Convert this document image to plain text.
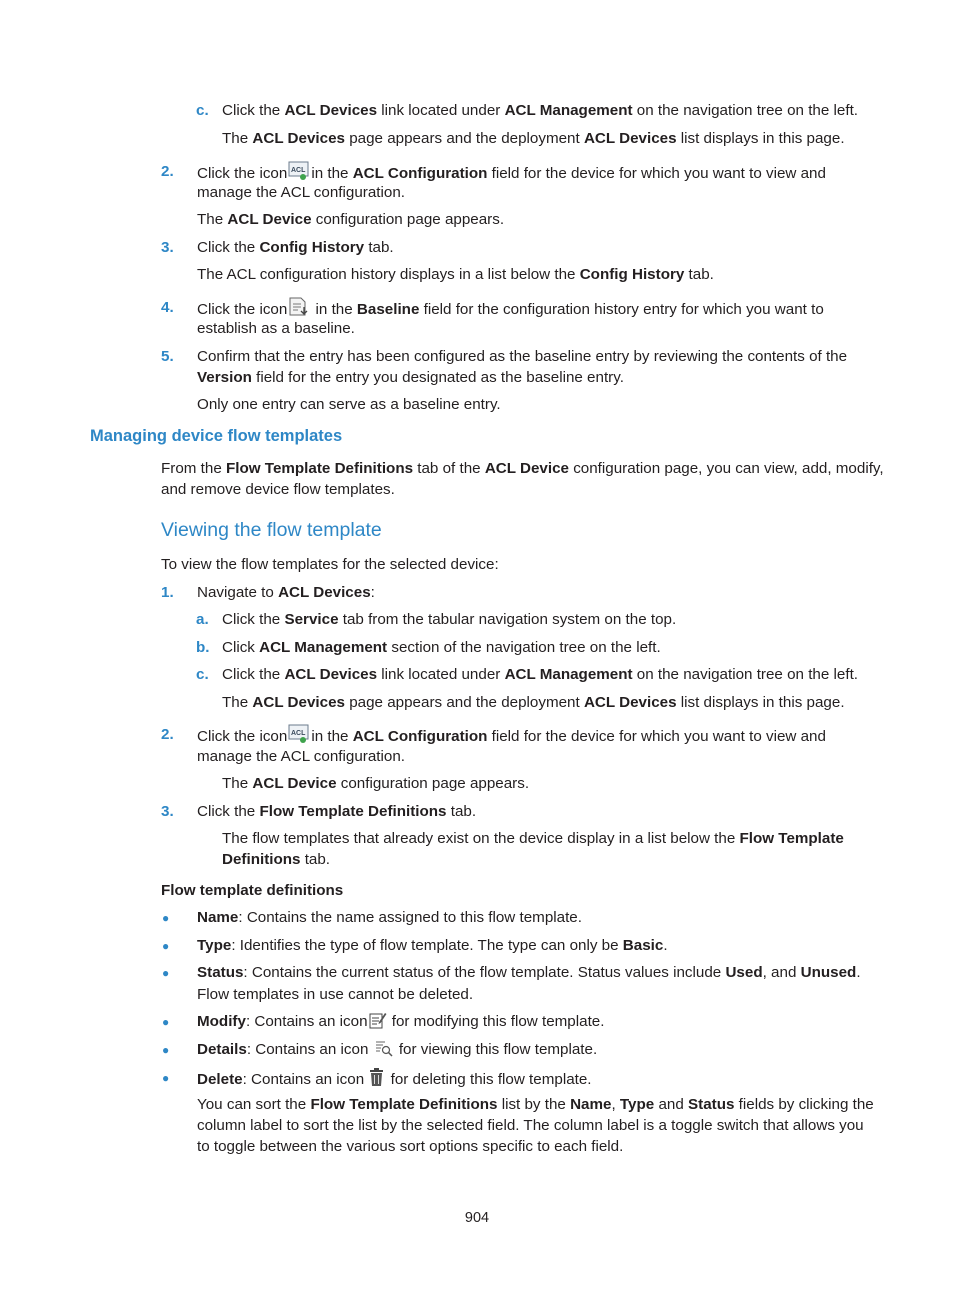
c. Click the ACL Devices link located under ACL Management on the navigation tree on the left.
The ACL Devices page appears and the deployment ACL Devices list displays in this page.
2. Click the icon ACL in the ACL Configuration field for the device for which you want to view and
manage the ACL configuration.
The ACL Device configuration page appears.
3. Click the Config History tab.
The ACL configuration history displays in a list below the Config History tab.
4. Click the icon in the Baseline field for the configuration history entry for which you want to
establish as a baseline.
5. Confirm that the entry has been configured as the baseline entry by reviewing the contents of the
Version field for the entry you designated as the baseline entry.
Only one entry can serve as a baseline entry.
Managing device flow templates
From the Flow Template Definitions tab of the ACL Device configuration page, you can view, add, modify,
and remove device flow templates.
Viewing the flow template
To view the flow templates for the selected device:
1. Navigate to ACL Devices:
a. Click the Service tab from the tabular navigation system on the top.
b. Click ACL Management section of the navigation tree on the left.
c. Click the ACL Devices link located under ACL Management on the navigation tree on the left.
The ACL Devices page appears and the deployment ACL Devices list displays in this page.
2. Click the icon ACL in the ACL Configuration field for the device for which you want to view and
manage the ACL configuration.
The ACL Device configuration page appears.
3. Click the Flow Template Definitions tab.
The flow templates that already exist on the device display in a list below the Flow Template
Definitions tab.
Flow template definitions
● Name: Contains the name assigned to this flow template.
● Type: Identifies the type of flow template. The type can only be Basic.
● Status: Contains the current status of the flow template. Status values include Used, and Unused.
Flow templates in use cannot be deleted.
● Modify: Contains an icon for modifying this flow template.
● Details: Contains an icon  for viewing this flow template.
● Delete: Contains an icon  for deleting this flow template.
You can sort the Flow Template Definitions list by the Name, Type and Status fields by clicking the
column label to sort the list by the selected field. The column label is a toggle switch that allows you
to toggle between the various sort options specific to each field.
904
